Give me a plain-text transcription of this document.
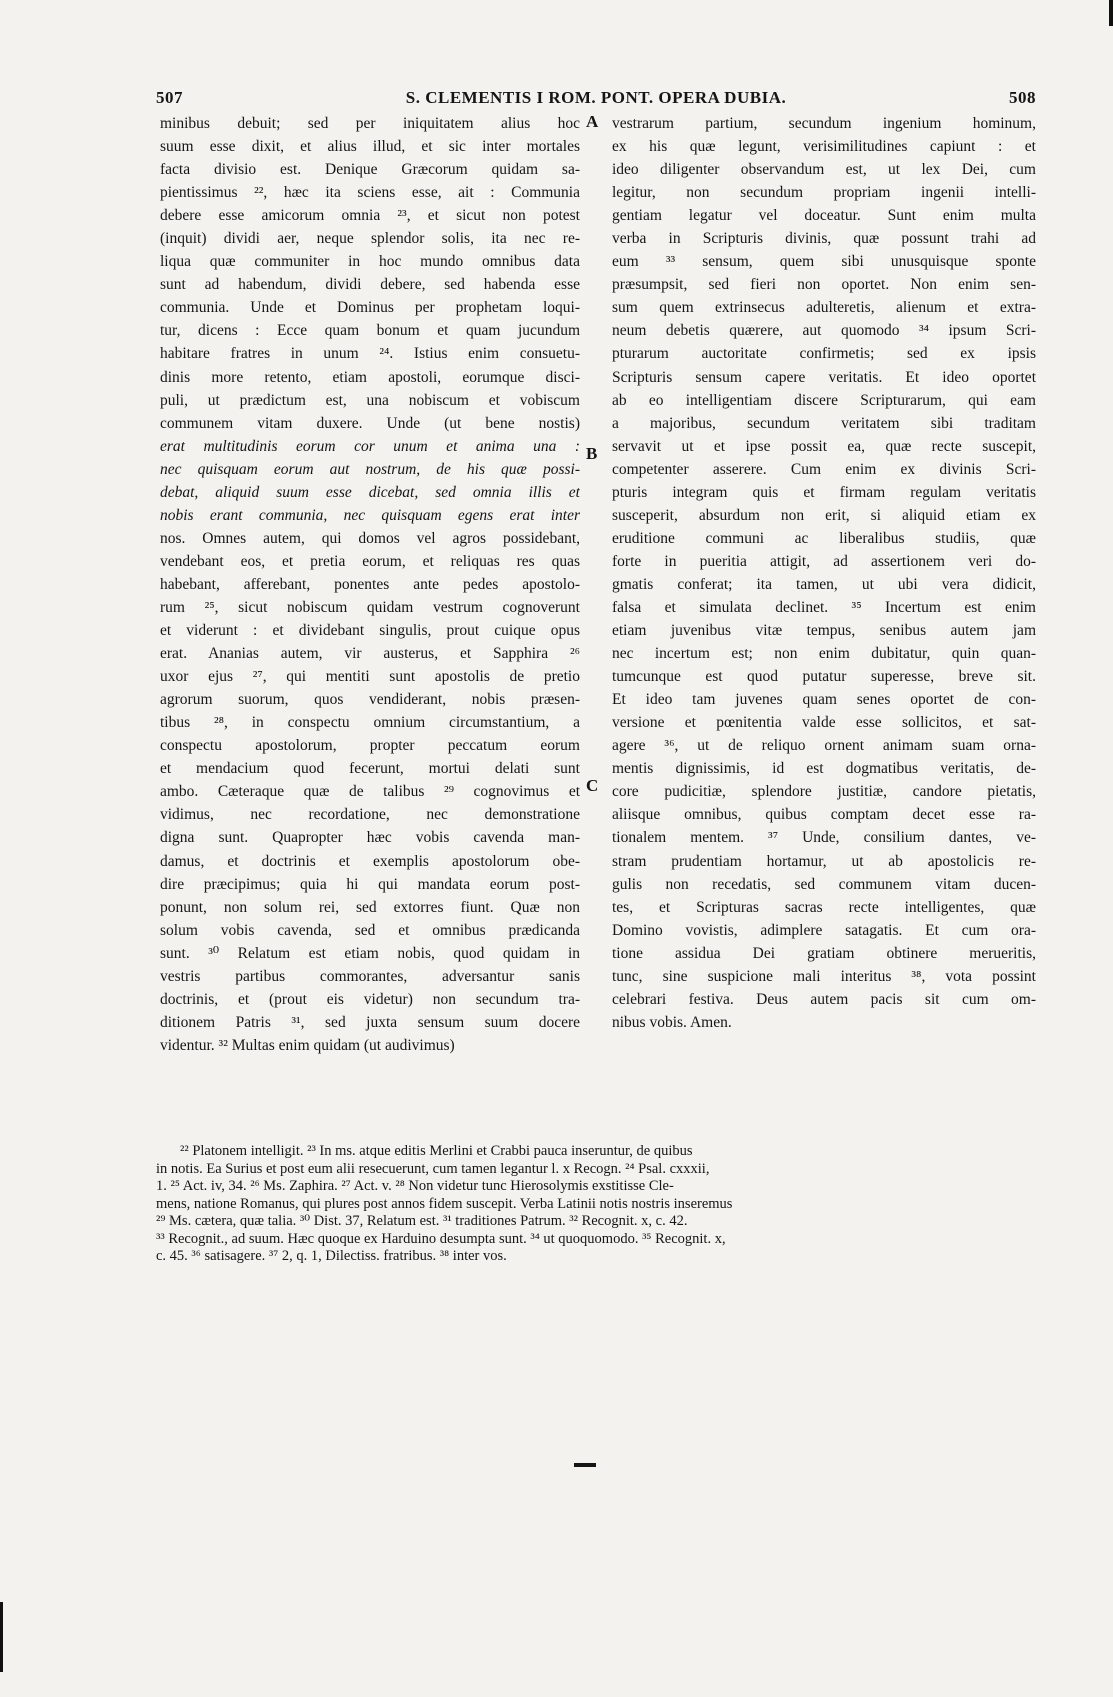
507	S. CLEMENTIS I ROM. PONT. OPERA DUBIA.	508
minibus debuit; sed per iniquitatem alius hoc
suum esse dixit, et alius illud, et sic inter mortales
facta divisio est. Denique Græcorum quidam sa-
pientissimus ²², hæc ita sciens esse, ait : Communia
debere esse amicorum omnia ²³, et sicut non potest
(inquit) dividi aer, neque splendor solis, ita nec re-
liqua quæ communiter in hoc mundo omnibus data
sunt ad habendum, dividi debere, sed habenda esse
communia. Unde et Dominus per prophetam loqui-
tur, dicens : Ecce quam bonum et quam jucundum
habitare fratres in unum ²⁴. Istius enim consuetu-
dinis more retento, etiam apostoli, eorumque disci-
puli, ut prædictum est, una nobiscum et vobiscum
communem vitam duxere. Unde (ut bene nostis)
erat multitudinis eorum cor unum et anima una :
nec quisquam eorum aut nostrum, de his quæ possi-
debat, aliquid suum esse dicebat, sed omnia illis et
nobis erant communia, nec quisquam egens erat inter
nos. Omnes autem, qui domos vel agros possidebant,
vendebant eos, et pretia eorum, et reliquas res quas
habebant, afferebant, ponentes ante pedes apostolo-
rum ²⁵, sicut nobiscum quidam vestrum cognoverunt
et viderunt : et dividebant singulis, prout cuique opus
erat. Ananias autem, vir austerus, et Sapphira ²⁶
uxor ejus ²⁷, qui mentiti sunt apostolis de pretio
agrorum suorum, quos vendiderant, nobis præsen-
tibus ²⁸, in conspectu omnium circumstantium, a
conspectu apostolorum, propter peccatum eorum
et mendacium quod fecerunt, mortui delati sunt
ambo. Cæteraque quæ de talibus ²⁹ cognovimus et
vidimus, nec recordatione, nec demonstratione
digna sunt. Quapropter hæc vobis cavenda man-
damus, et doctrinis et exemplis apostolorum obe-
dire præcipimus; quia hi qui mandata eorum post-
ponunt, non solum rei, sed extorres fiunt. Quæ non
solum vobis cavenda, sed et omnibus prædicanda
sunt. ³⁰ Relatum est etiam nobis, quod quidam in
vestris partibus commorantes, adversantur sanis
doctrinis, et (prout eis videtur) non secundum tra-
ditionem Patris ³¹, sed juxta sensum suum docere
videntur. ³² Multas enim quidam (ut audivimus)
vestrarum partium, secundum ingenium hominum,
ex his quæ legunt, verisimilitudines capiunt : et
ideo diligenter observandum est, ut lex Dei, cum
legitur, non secundum propriam ingenii intelli-
gentiam legatur vel doceatur. Sunt enim multa
verba in Scripturis divinis, quæ possunt trahi ad
eum ³³ sensum, quem sibi unusquisque sponte
præsumpsit, sed fieri non oportet. Non enim sen-
sum quem extrinsecus adulteretis, alienum et extra-
neum debetis quærere, aut quomodo ³⁴ ipsum Scri-
pturarum auctoritate confirmetis; sed ex ipsis
Scripturis sensum capere veritatis. Et ideo oportet
ab eo intelligentiam discere Scripturarum, qui eam
a majoribus, secundum veritatem sibi traditam
servavit ut et ipse possit ea, quæ recte suscepit,
competenter asserere. Cum enim ex divinis Scri-
pturis integram quis et firmam regulam veritatis
susceperit, absurdum non erit, si aliquid etiam ex
eruditione communi ac liberalibus studiis, quæ
forte in pueritia attigit, ad assertionem veri do-
gmatis conferat; ita tamen, ut ubi vera didicit,
falsa et simulata declinet. ³⁵ Incertum est enim
etiam juvenibus vitæ tempus, senibus autem jam
nec incertum est; non enim dubitatur, quin quan-
tumcunque est quod putatur superesse, breve sit.
Et ideo tam juvenes quam senes oportet de con-
versione et pœnitentia valde esse sollicitos, et sat-
agere ³⁶, ut de reliquo ornent animam suam orna-
mentis dignissimis, id est dogmatibus veritatis, de-
core pudicitiæ, splendore justitiæ, candore pietatis,
aliisque omnibus, quibus comptam decet esse ra-
tionalem mentem. ³⁷ Unde, consilium dantes, ve-
stram prudentiam hortamur, ut ab apostolicis re-
gulis non recedatis, sed communem vitam ducen-
tes, et Scripturas sacras recte intelligentes, quæ
Domino vovistis, adimplere satagatis. Et cum ora-
tione assidua Dei gratiam obtinere merueritis,
tunc, sine suspicione mali interitus ³⁸, vota possint
celebrari festiva. Deus autem pacis sit cum om-
nibus vobis. Amen.
A
B
C
²² Platonem intelligit. ²³ In ms. atque editis Merlini et Crabbi pauca inseruntur, de quibus
in notis. Ea Surius et post eum alii resecuerunt, cum tamen legantur l. x Recogn. ²⁴ Psal. cxxxii,
1. ²⁵ Act. iv, 34. ²⁶ Ms. Zaphira. ²⁷ Act. v. ²⁸ Non videtur tunc Hierosolymis exstitisse Cle-
mens, natione Romanus, qui plures post annos fidem suscepit. Verba Latinii notis nostris inseremus
²⁹ Ms. cætera, quæ talia. ³⁰ Dist. 37, Relatum est. ³¹ traditiones Patrum. ³² Recognit. x, c. 42.
³³ Recognit., ad suum. Hæc quoque ex Harduino desumpta sunt. ³⁴ ut quoquomodo. ³⁵ Recognit. x,
c. 45. ³⁶ satisagere. ³⁷ 2, q. 1, Dilectiss. fratribus. ³⁸ inter vos.
